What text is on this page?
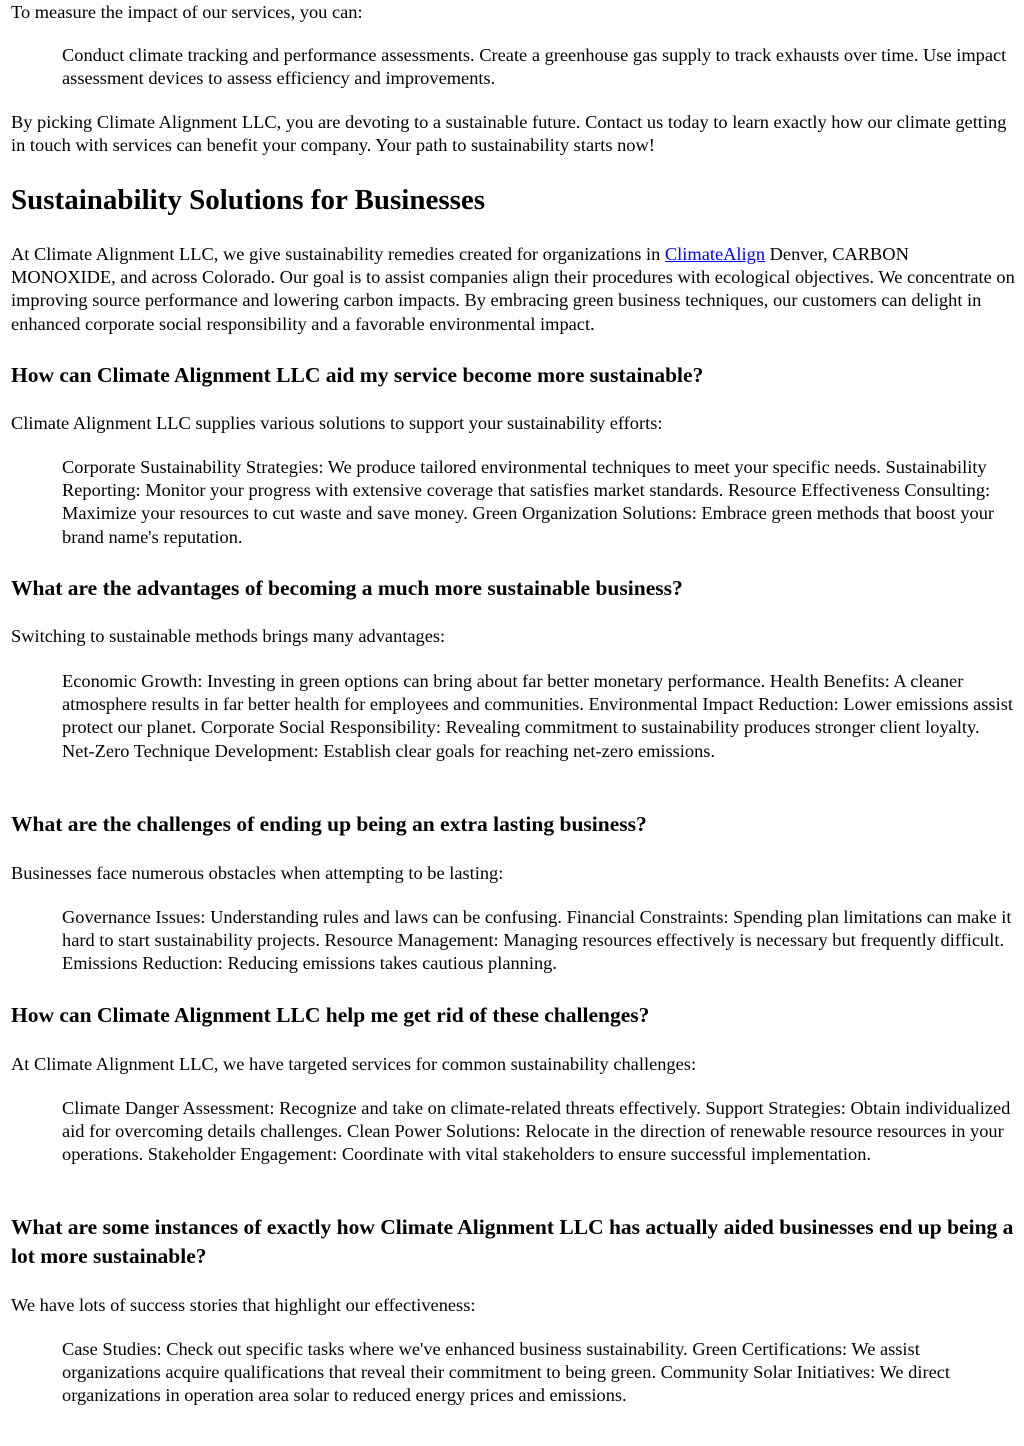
To measure the impact of our services, you can:

Conduct climate tracking and performance assessments. Create a greenhouse gas supply to track exhausts over time. Use impact assessment devices to assess efficiency and improvements.

By picking Climate Alignment LLC, you are devoting to a sustainable future. Contact us today to learn exactly how our climate getting in touch with services can benefit your company. Your path to sustainability starts now!

Sustainability Solutions for Businesses

At Climate Alignment LLC, we give sustainability remedies created for organizations in ClimateAlign Denver, CARBON MONOXIDE, and across Colorado. Our goal is to assist companies align their procedures with ecological objectives. We concentrate on improving source performance and lowering carbon impacts. By embracing green business techniques, our customers can delight in enhanced corporate social responsibility and a favorable environmental impact.

How can Climate Alignment LLC aid my service become more sustainable?

Climate Alignment LLC supplies various solutions to support your sustainability efforts:

Corporate Sustainability Strategies: We produce tailored environmental techniques to meet your specific needs. Sustainability Reporting: Monitor your progress with extensive coverage that satisfies market standards. Resource Effectiveness Consulting: Maximize your resources to cut waste and save money. Green Organization Solutions: Embrace green methods that boost your brand name's reputation.

What are the advantages of becoming a much more sustainable business?

Switching to sustainable methods brings many advantages:

Economic Growth: Investing in green options can bring about far better monetary performance. Health Benefits: A cleaner atmosphere results in far better health for employees and communities. Environmental Impact Reduction: Lower emissions assist protect our planet. Corporate Social Responsibility: Revealing commitment to sustainability produces stronger client loyalty. Net-Zero Technique Development: Establish clear goals for reaching net-zero emissions.

What are the challenges of ending up being an extra lasting business?

Businesses face numerous obstacles when attempting to be lasting:

Governance Issues: Understanding rules and laws can be confusing. Financial Constraints: Spending plan limitations can make it hard to start sustainability projects. Resource Management: Managing resources effectively is necessary but frequently difficult. Emissions Reduction: Reducing emissions takes cautious planning.

How can Climate Alignment LLC help me get rid of these challenges?

At Climate Alignment LLC, we have targeted services for common sustainability challenges:

Climate Danger Assessment: Recognize and take on climate-related threats effectively. Support Strategies: Obtain individualized aid for overcoming details challenges. Clean Power Solutions: Relocate in the direction of renewable resource resources in your operations. Stakeholder Engagement: Coordinate with vital stakeholders to ensure successful implementation.

What are some instances of exactly how Climate Alignment LLC has actually aided businesses end up being a lot more sustainable?

We have lots of success stories that highlight our effectiveness:

Case Studies: Check out specific tasks where we've enhanced business sustainability. Green Certifications: We assist organizations acquire qualifications that reveal their commitment to being green. Community Solar Initiatives: We direct organizations in operation area solar to reduced energy prices and emissions.
